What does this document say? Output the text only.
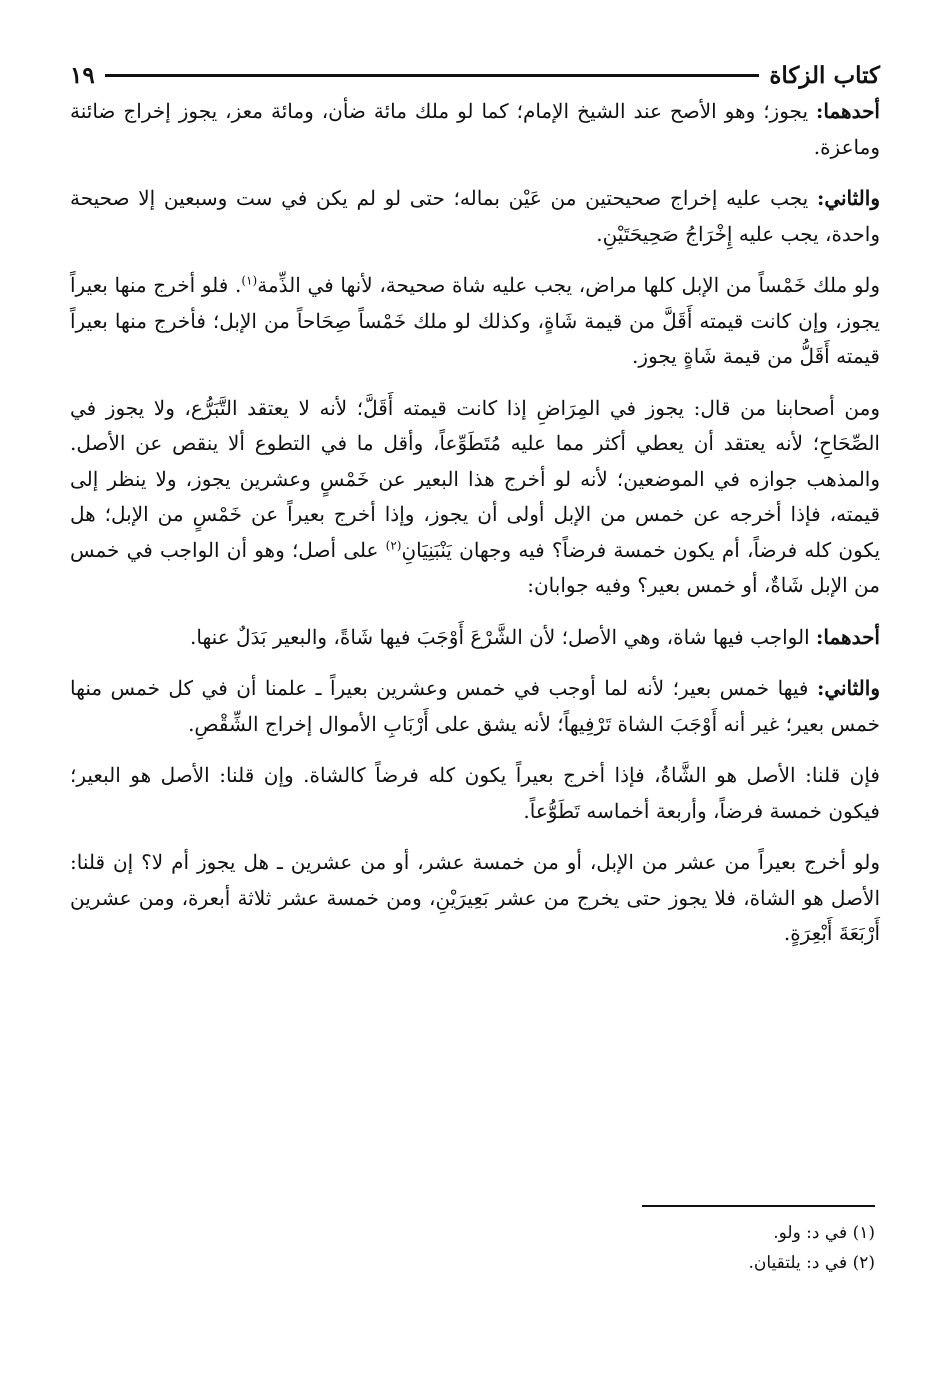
كتاب الزكاة
١٩

أحدهما: يجوز؛ وهو الأصح عند الشيخ الإمام؛ كما لو ملك مائة ضأن، ومائة معز، يجوز إخراج ضائنة وماعزة.

والثاني: يجب عليه إخراج صحيحتين من عَيْن بماله؛ حتى لو لم يكن في ست وسبعين إلا صحيحة واحدة، يجب عليه إِخْرَاجُ صَحِيحَتَيْنِ.

ولو ملك خَمْساً من الإبل كلها مراض، يجب عليه شاة صحيحة، لأنها في الذِّمة$^{(١)}$. فلو أخرج منها بعيراً يجوز، وإن كانت قيمته أَقَلَّ من قيمة شَاةٍ، وكذلك لو ملك خَمْساً صِحَاحاً من الإبل؛ فأخرج منها بعيراً قيمته أَقَلُّ من قيمة شَاةٍ يجوز.

ومن أصحابنا من قال: يجوز في المِرَاضِ إذا كانت قيمته أَقَلَّ؛ لأنه لا يعتقد التَّبَرُّع، ولا يجوز في الصِّحَاحِ؛ لأنه يعتقد أن يعطي أكثر مما عليه مُتَطَوِّعاً، وأقل ما في التطوع ألا ينقص عن الأصل. والمذهب جوازه في الموضعين؛ لأنه لو أخرج هذا البعير عن خَمْسٍ وعشرين يجوز، ولا ينظر إلى قيمته، فإذا أخرجه عن خمس من الإبل أولى أن يجوز، وإذا أخرج بعيراً عن خَمْسٍ من الإبل؛ هل يكون كله فرضاً، أم يكون خمسة فرضاً؟ فيه وجهان يَنْبَنِيَانِ$^{(٢)}$ على أصل؛ وهو أن الواجب في خمس من الإبل شَاةٌ، أو خمس بعير؟ وفيه جوابان:

أحدهما: الواجب فيها شاة، وهي الأصل؛ لأن الشَّرْعَ أَوْجَبَ فيها شَاةً، والبعير بَدَلٌ عنها.

والثاني: فيها خمس بعير؛ لأنه لما أوجب في خمس وعشرين بعيراً ـ علمنا أن في كل خمس منها خمس بعير؛ غير أنه أَوْجَبَ الشاة تَرْفِيهاً؛ لأنه يشق على أَرْبَابِ الأموال إخراج الشِّقْصِ.

فإن قلنا: الأصل هو الشَّاةُ، فإذا أخرج بعيراً يكون كله فرضاً كالشاة. وإن قلنا: الأصل هو البعير؛ فيكون خمسة فرضاً، وأربعة أخماسه تَطَوُّعاً.

ولو أخرج بعيراً من عشر من الإبل، أو من خمسة عشر، أو من عشرين ـ هل يجوز أم لا؟ إن قلنا: الأصل هو الشاة، فلا يجوز حتى يخرج من عشر بَعِيرَيْنِ، ومن خمسة عشر ثلاثة أبعرة، ومن عشرين أَرْبَعَةَ أَبْعِرَةٍ.

(١) في د: ولو.

(٢) في د: يلتقيان.
